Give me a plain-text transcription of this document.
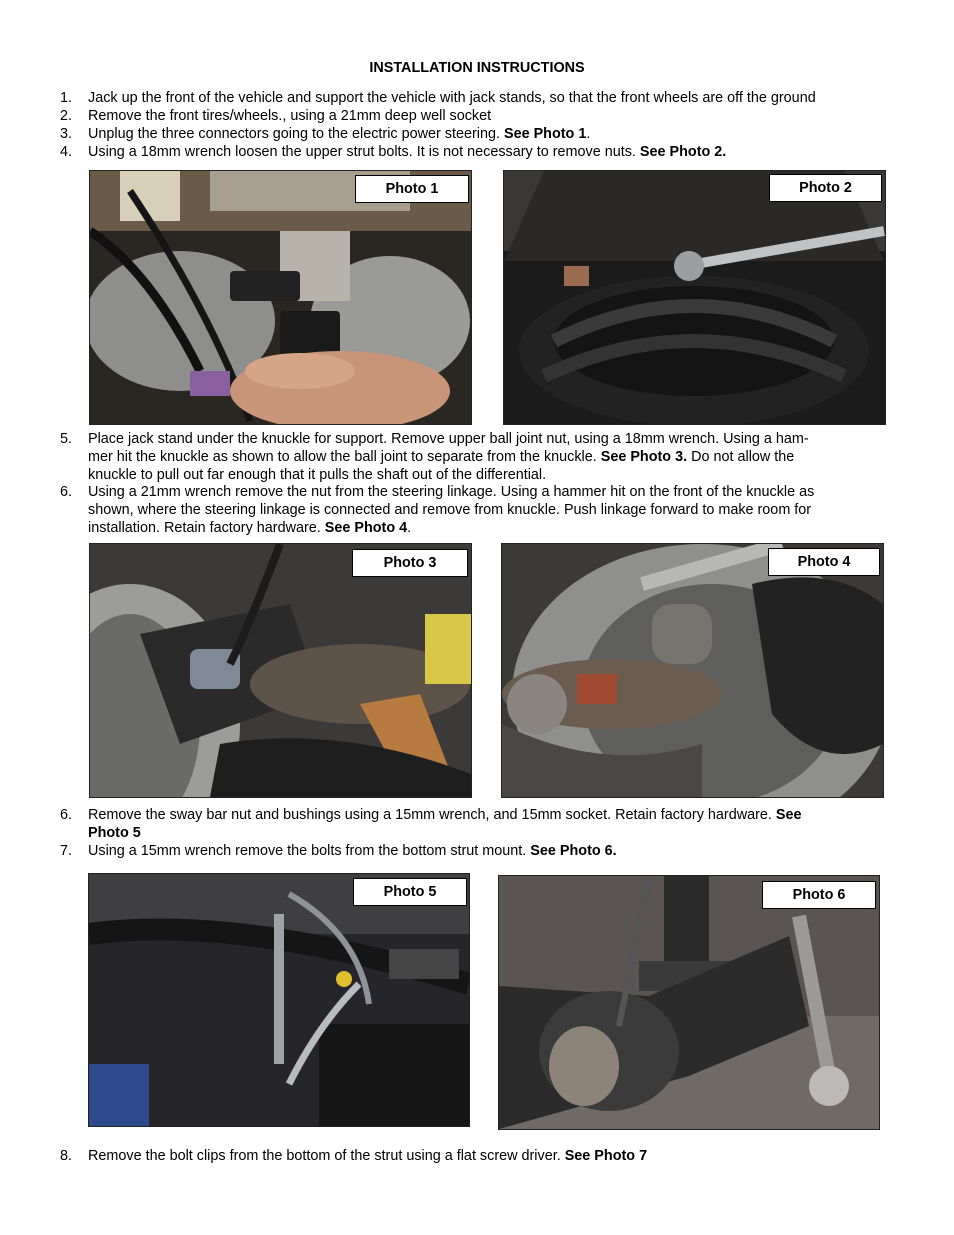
INSTALLATION INSTRUCTIONS
1. Jack up the front of the vehicle and support the vehicle with jack stands, so that the front wheels are off the ground
2. Remove the front tires/wheels., using a 21mm deep well socket
3. Unplug the three connectors going to the electric power steering. See Photo 1.
4. Using a 18mm wrench loosen the upper strut bolts. It is not necessary to remove nuts. See Photo 2.
Photo 1	Photo 2
5. Place jack stand under the knuckle for support. Remove upper ball joint nut, using a 18mm wrench. Using a ham-
mer hit the knuckle as shown to allow the ball joint to separate from the knuckle. See Photo 3. Do not allow the
knuckle to pull out far enough that it pulls the shaft out of the differential.
6. Using a 21mm wrench remove the nut from the steering linkage. Using a hammer hit on the front of the knuckle as
shown, where the steering linkage is connected and remove from knuckle. Push linkage forward to make room for
installation. Retain factory hardware. See Photo 4.
Photo 3	Photo 4
6. Remove the sway bar nut and bushings using a 15mm wrench, and 15mm socket. Retain factory hardware. See
Photo 5
7. Using a 15mm wrench remove the bolts from the bottom strut mount. See Photo 6.
Photo 5	Photo 6
8. Remove the bolt clips from the bottom of the strut using a flat screw driver. See Photo 7
